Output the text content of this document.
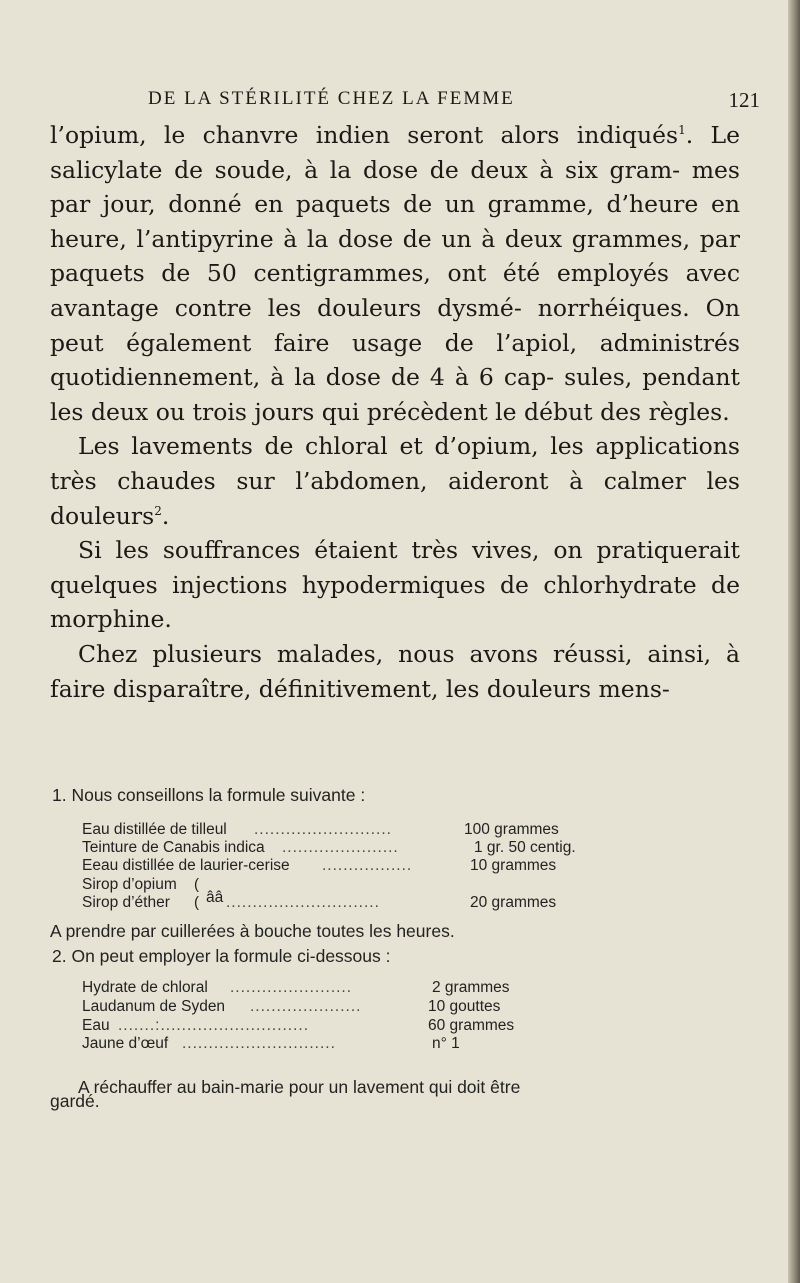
DE LA STÉRILITÉ CHEZ LA FEMME	121

l’opium, le chanvre indien seront alors indiqués$^1$. Le salicylate de soude, à la dose de deux à six gram- mes par jour, donné en paquets de un gramme, d’heure en heure, l’antipyrine à la dose de un à deux grammes, par paquets de 50 centigrammes, ont été employés avec avantage contre les douleurs dysmé- norrhéiques. On peut également faire usage de l’apiol, administrés quotidiennement, à la dose de 4 à 6 cap- sules, pendant les deux ou trois jours qui précèdent le début des règles.

Les lavements de chloral et d’opium, les applications très chaudes sur l’abdomen, aideront à calmer les douleurs$^2$.

Si les souffrances étaient très vives, on pratiquerait quelques injections hypodermiques de chlorhydrate de morphine.

Chez plusieurs malades, nous avons réussi, ainsi, à faire disparaître, définitivement, les douleurs mens-

1. Nous conseillons la formule suivante :
Eau distillée de tilleul ..........................	100 grammes
Teinture de Canabis indica ......................	1 gr. 50 centig.
Eeau distillée de laurier-cerise .................	10 grammes
Sirop d’opium (
Sirop d’éther ( ââ .............................	20 grammes
A prendre par cuillerées à bouche toutes les heures.
2. On peut employer la formule ci-dessous :
Hydrate de chloral .......................	2 grammes
Laudanum de Syden .....................	10 gouttes
Eau .......:............................	60 grammes
Jaune d’œuf .............................	n° 1
A réchauffer au bain-marie pour un lavement qui doit être
gardé.
